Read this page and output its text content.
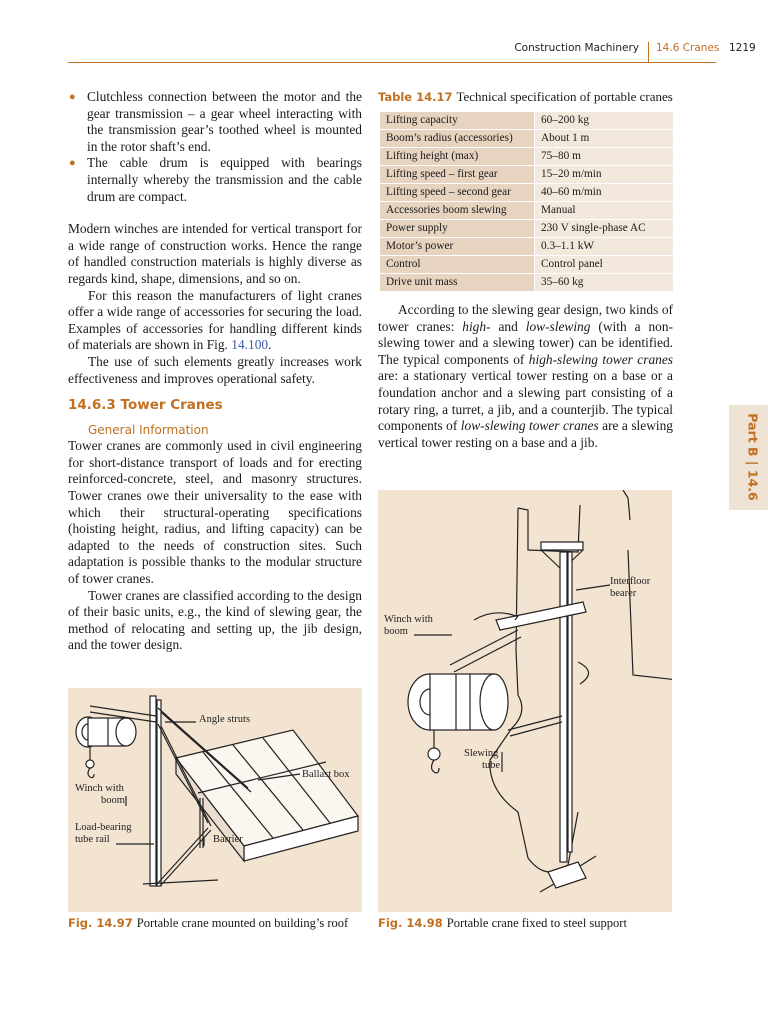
Construction Machinery 14.6 Cranes 1219
Part B | 14.6
● Clutchless connection between the motor and the gear transmission – a gear wheel interacting with the transmission gear’s toothed wheel is mounted in the rotor shaft’s end.
● The cable drum is equipped with bearings internally whereby the transmission and the cable drum are compact.

Modern winches are intended for vertical transport for a wide range of construction works. Hence the range of handled construction materials is highly diverse as regards kind, shape, dimensions, and so on.

For this reason the manufacturers of light cranes offer a wide range of accessories for securing the load. Examples of accessories for handling different kinds of materials are shown in Fig. 14.100.

The use of such elements greatly increases work effectiveness and improves operational safety.

14.6.3 Tower Cranes
General Information

Tower cranes are commonly used in civil engineering for short-distance transport of loads and for erecting reinforced-concrete, steel, and masonry structures. Tower cranes owe their universality to the ease with which their structural-operating specifications (hoisting height, radius, and lifting capacity) can be adapted to the needs of construction sites. Such adaptation is possible thanks to the modular structure of tower cranes.

Tower cranes are classified according to the design of their basic units, e.g., the kind of slewing gear, the method of relocating and setting up, the jib design, and the tower design.

Table 14.17 Technical specification of portable cranes
Lifting capacity	60–200 kg
Boom’s radius (accessories)	About 1 m
Lifting height (max)	75–80 m
Lifting speed – first gear	15–20 m/min
Lifting speed – second gear	40–60 m/min
Accessories boom slewing	Manual
Power supply	230 V single-phase AC
Motor’s power	0.3–1.1 kW
Control	Control panel
Drive unit mass	35–60 kg

According to the slewing gear design, two kinds of tower cranes: high- and low-slewing (with a non-slewing tower and a slewing tower) can be identified. The typical components of high-slewing tower cranes are: a stationary vertical tower resting on a base or a foundation anchor and a slewing part consisting of a rotary ring, a turret, a jib, and a counterjib. The typical components of low-slewing tower cranes are a slewing vertical tower resting on a base and a jib.

Angle struts
Ballast box
Winch with
boom
Load-bearing
tube rail	Barrier
Fig. 14.97 Portable crane mounted on building’s roof
Interfloor
bearer
Winch with
boom
Slewing
tube
Fig. 14.98 Portable crane fixed to steel support
